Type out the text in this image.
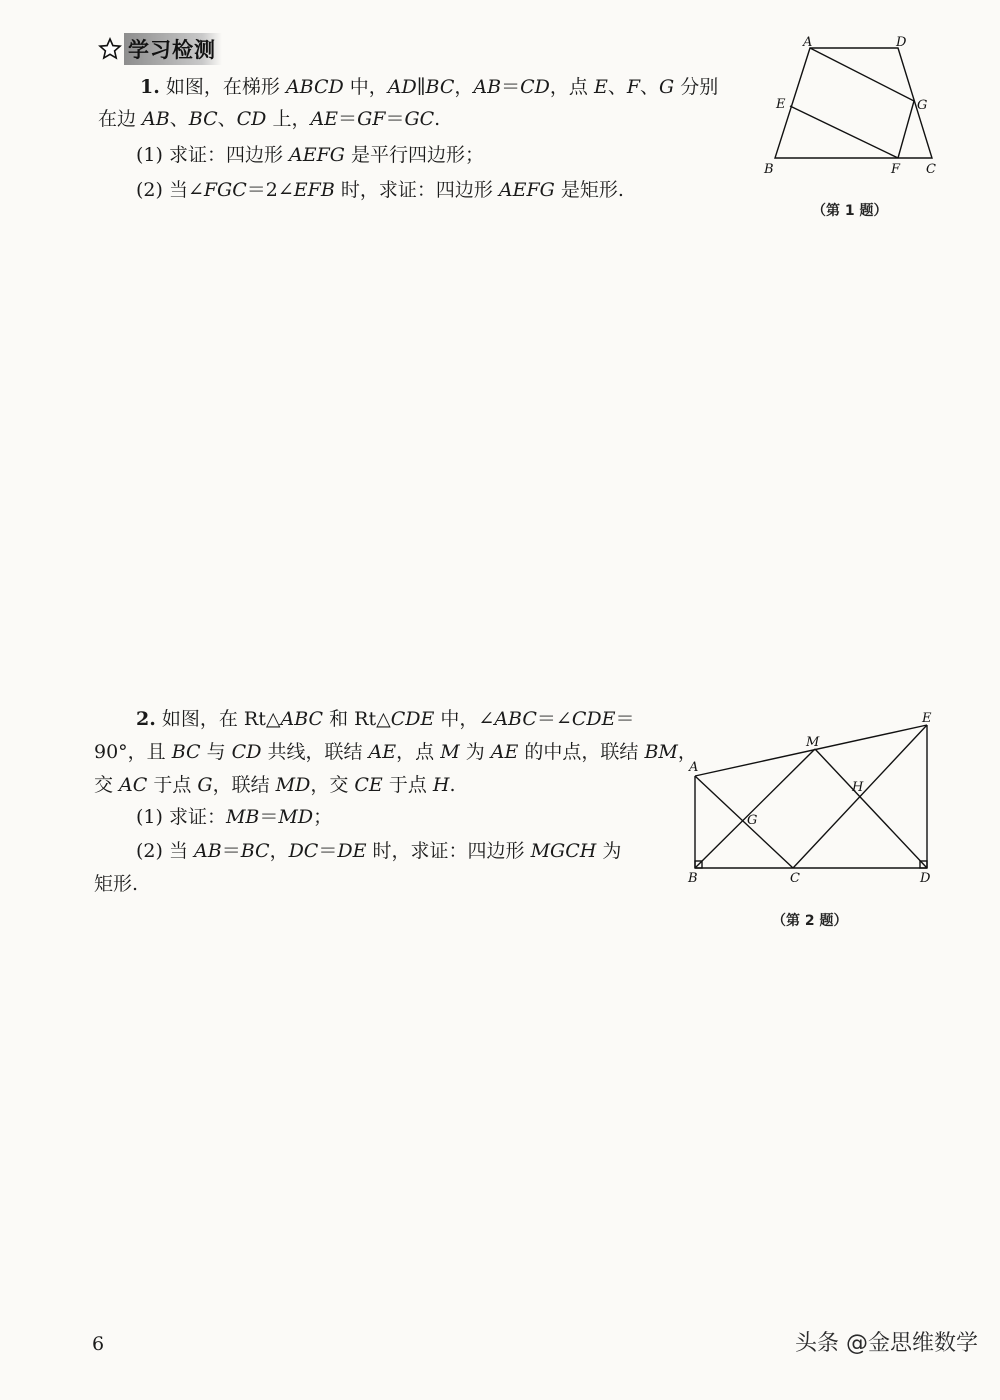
学习检测
1. 如图，在梯形 ABCD 中，AD∥BC，AB＝CD，点 E、F、G 分别
在边 AB、BC、CD 上，AE＝GF＝GC.
(1) 求证：四边形 AEFG 是平行四边形；
(2) 当∠FGC＝2∠EFB 时，求证：四边形 AEFG 是矩形.
A	D
E	G
B	F C
（第 1 题）
2. 如图，在 Rt△ABC 和 Rt△CDE 中，∠ABC＝∠CDE＝
90°，且 BC 与 CD 共线，联结 AE，点 M 为 AE 的中点，联结 BM，
交 AC 于点 G，联结 MD，交 CE 于点 H.
(1) 求证：MB＝MD；
(2) 当 AB＝BC，DC＝DE 时，求证：四边形 MGCH 为
矩形.
E
M
A
H
G
B	C	D
（第 2 题）
6	头条 @金思维数学
